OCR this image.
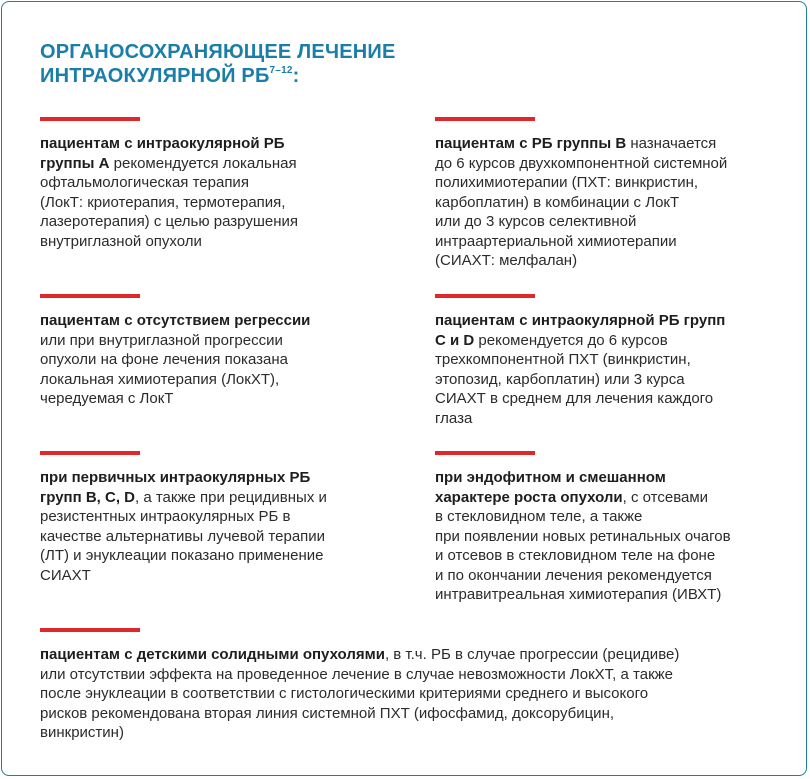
ОРГАНОСОХРАНЯЮЩЕЕ ЛЕЧЕНИЕ
ИНТРАОКУЛЯРНОЙ РБ$^{7-12}$:

пациентам с интраокулярной РБ
группы А рекомендуется локальная
офтальмологическая терапия
(ЛокТ: криотерапия, термотерапия,
лазеротерапия) с целью разрушения
внутриглазной опухоли

пациентам с РБ группы В назначается
до 6 курсов двухкомпонентной системной
полихимиотерапии (ПХТ: винкристин,
карбоплатин) в комбинации с ЛокТ
или до 3 курсов селективной
интраартериальной химиотерапии
(СИАХТ: мелфалан)

пациентам с отсутствием регрессии
или при внутриглазной прогрессии
опухоли на фоне лечения показана
локальная химиотерапия (ЛокХТ),
чередуемая с ЛокТ

пациентам с интраокулярной РБ групп
C и D рекомендуется до 6 курсов
трехкомпонентной ПХТ (винкристин,
этопозид, карбоплатин) или 3 курса
СИАХТ в среднем для лечения каждого
глаза

при первичных интраокулярных РБ
групп B, C, D, а также при рецидивных и
резистентных интраокулярных РБ в
качестве альтернативы лучевой терапии
(ЛТ) и энуклеации показано применение
СИАХТ

при эндофитном и смешанном
характере роста опухоли, с отсевами
в стекловидном теле, а также
при появлении новых ретинальных очагов
и отсевов в стекловидном теле на фоне
и по окончании лечения рекомендуется
интравитреальная химиотерапия (ИВХТ)

пациентам с детскими солидными опухолями, в т.ч. РБ в случае прогрессии (рецидиве)
или отсутствии эффекта на проведенное лечение в случае невозможности ЛокХТ, а также
после энуклеации в соответствии с гистологическими критериями среднего и высокого
рисков рекомендована вторая линия системной ПХТ (ифосфамид, доксорубицин,
винкристин)
